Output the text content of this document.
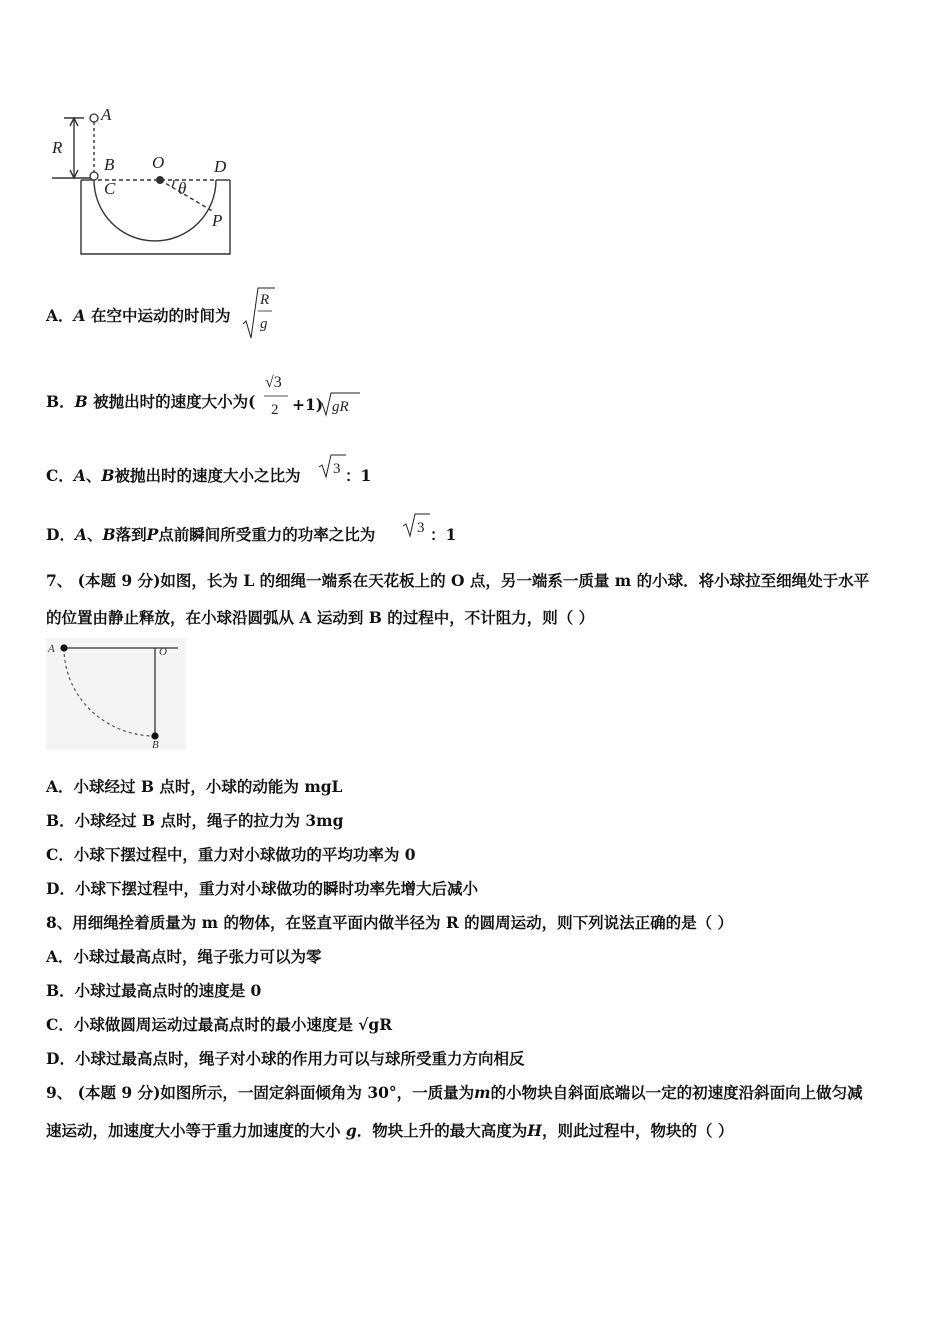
A
R
B O	D
C	θ
P
A．A 在空中运动的时间为
R
g
B．B 被抛出时的速度大小为(
√3
2 +1) gR
C．A、B被抛出时的速度大小之比为 3 ：1
D．A、B落到P点前瞬间所受重力的功率之比为	3 ：1
7、 (本题 9 分)如图，长为 L 的细绳一端系在天花板上的 O 点，另一端系一质量 m 的小球．将小球拉至细绳处于水平
的位置由静止释放，在小球沿圆弧从 A 运动到 B 的过程中，不计阻力，则（ ）
A	O
B
A．小球经过 B 点时，小球的动能为 mgL
B．小球经过 B 点时，绳子的拉力为 3mg
C．小球下摆过程中，重力对小球做功的平均功率为 0
D．小球下摆过程中，重力对小球做功的瞬时功率先增大后减小
8、用细绳拴着质量为 m 的物体，在竖直平面内做半径为 R 的圆周运动，则下列说法正确的是（ ）
A．小球过最高点时，绳子张力可以为零
B．小球过最高点时的速度是 0
C．小球做圆周运动过最高点时的最小速度是 √gR
D．小球过最高点时，绳子对小球的作用力可以与球所受重力方向相反
9、 (本题 9 分)如图所示，一固定斜面倾角为 30°，一质量为m的小物块自斜面底端以一定的初速度沿斜面向上做匀减
速运动，加速度大小等于重力加速度的大小 g．物块上升的最大高度为H，则此过程中，物块的（ ）
